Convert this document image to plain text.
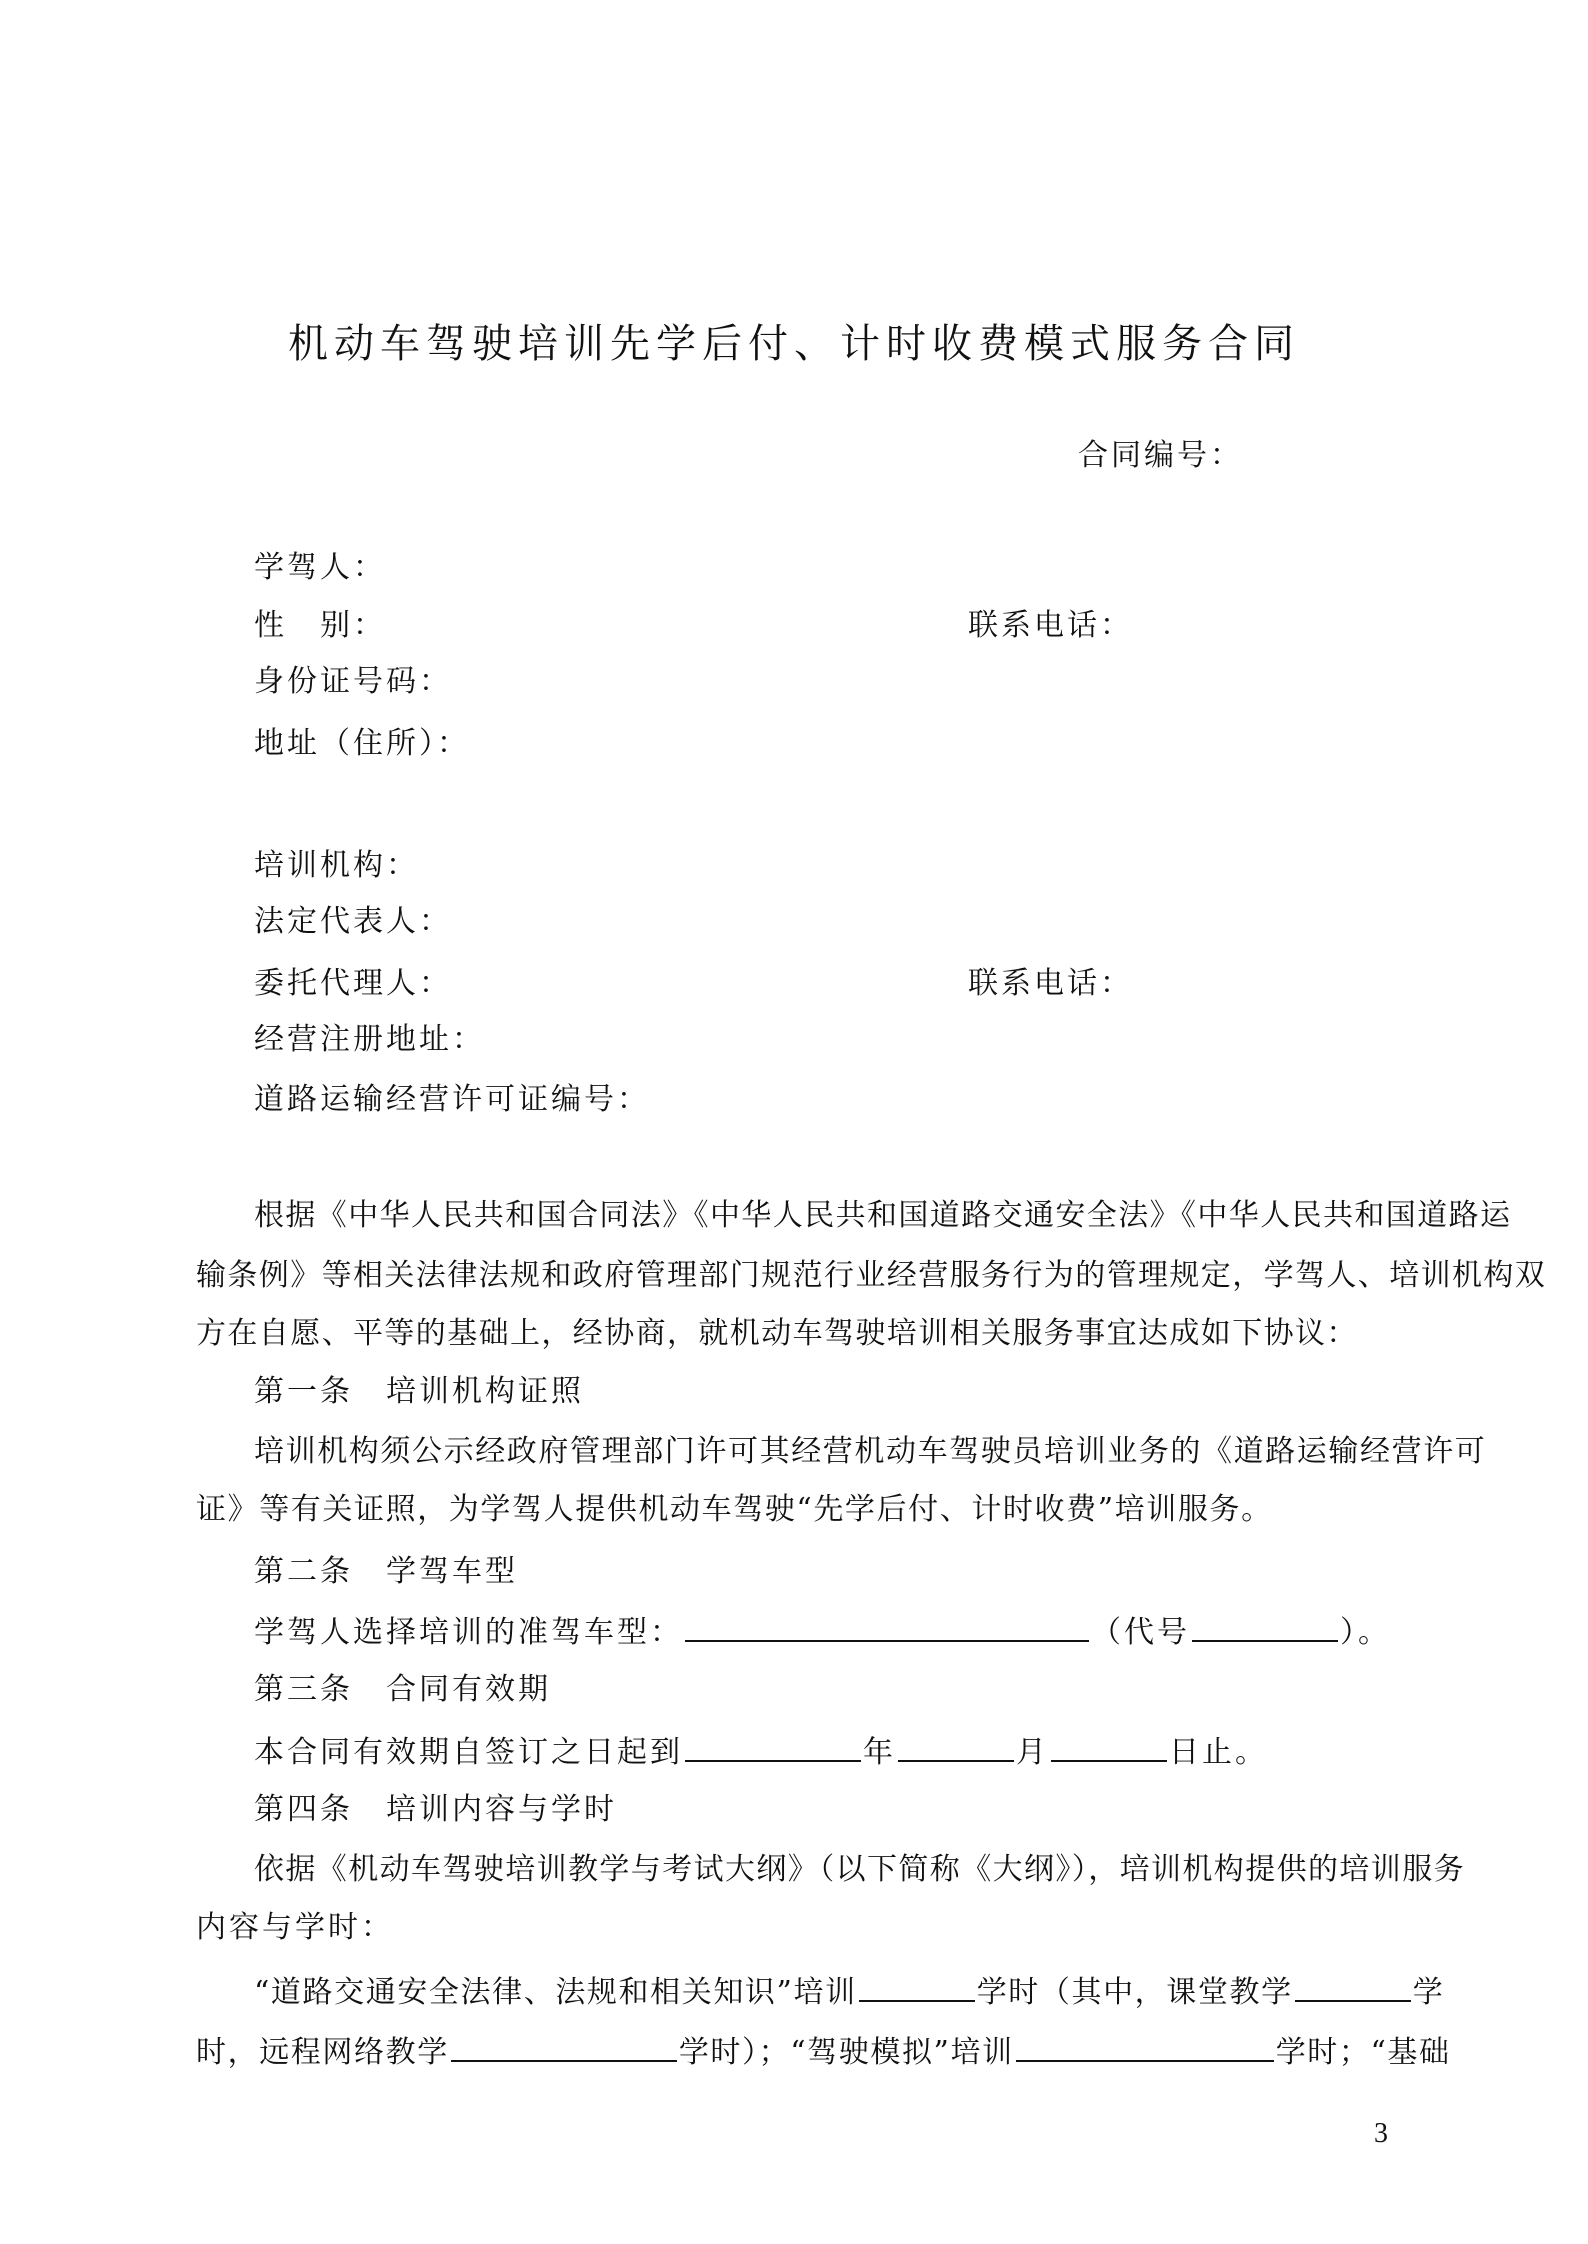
机动车驾驶培训先学后付、计时收费模式服务合同
合同编号：
学驾人：
性　别：	联系电话：
身份证号码：
地址（住所）：
培训机构：
法定代表人：
委托代理人：	联系电话：
经营注册地址：
道路运输经营许可证编号：
根据《中华人民共和国合同法》《中华人民共和国道路交通安全法》《中华人民共和国道路运
输条例》等相关法律法规和政府管理部门规范行业经营服务行为的管理规定，学驾人、培训机构双
方在自愿、平等的基础上，经协商，就机动车驾驶培训相关服务事宜达成如下协议：
第一条　培训机构证照
培训机构须公示经政府管理部门许可其经营机动车驾驶员培训业务的《道路运输经营许可
证》等有关证照，为学驾人提供机动车驾驶“先学后付、计时收费”培训服务。
第二条　学驾车型
学驾人选择培训的准驾车型：	（代号	）。
第三条　合同有效期
本合同有效期自签订之日起到	年	月	日止。
第四条　培训内容与学时
依据《机动车驾驶培训教学与考试大纲》（以下简称《大纲》），培训机构提供的培训服务
内容与学时：
“道路交通安全法律、法规和相关知识”培训	学时（其中，课堂教学	学
时，远程网络教学	学时）；“驾驶模拟”培训	学时；“基础
3
